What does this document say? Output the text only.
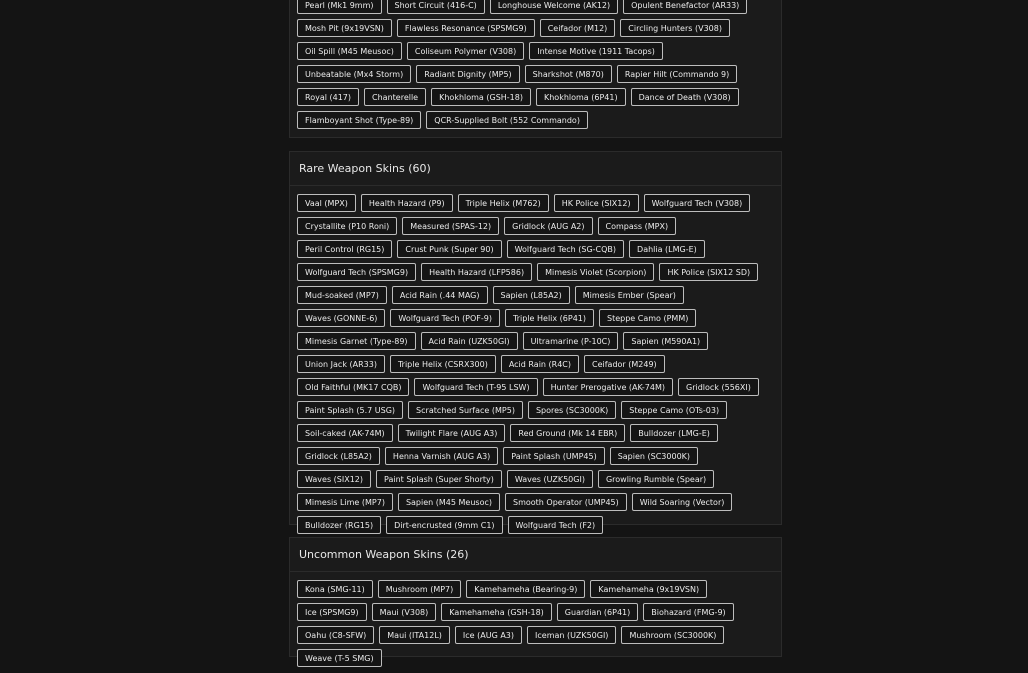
Pearl (Mk1 9mm)	Short Circuit (416-C)	Longhouse Welcome (AK12)	Opulent Benefactor (AR33)
Mosh Pit (9x19VSN)	Flawless Resonance (SPSMG9)	Ceifador (M12)	Circling Hunters (V308)
Oil Spill (M45 Meusoc)	Coliseum Polymer (V308)	Intense Motive (1911 Tacops)
Unbeatable (Mx4 Storm)	Radiant Dignity (MP5)	Sharkshot (M870)	Rapier Hilt (Commando 9)
Royal (417)	Chanterelle	Khokhloma (GSH-18)	Khokhloma (6P41)	Dance of Death (V308)
Flamboyant Shot (Type-89)	QCR-Supplied Bolt (552 Commando)
Rare Weapon Skins (60)
Vaal (MPX)	Health Hazard (P9)	Triple Helix (M762)	HK Police (SIX12)	Wolfguard Tech (V308)
Crystallite (P10 Roni)	Measured (SPAS-12)	Gridlock (AUG A2)	Compass (MPX)
Peril Control (RG15)	Crust Punk (Super 90)	Wolfguard Tech (SG-CQB)	Dahlia (LMG-E)
Wolfguard Tech (SPSMG9)	Health Hazard (LFP586)	Mimesis Violet (Scorpion)	HK Police (SIX12 SD)
Mud-soaked (MP7)	Acid Rain (.44 MAG)	Sapien (L85A2)	Mimesis Ember (Spear)
Waves (GONNE-6)	Wolfguard Tech (POF-9)	Triple Helix (6P41)	Steppe Camo (PMM)
Mimesis Garnet (Type-89)	Acid Rain (UZK50GI)	Ultramarine (P-10C)	Sapien (M590A1)
Union Jack (AR33)	Triple Helix (CSRX300)	Acid Rain (R4C)	Ceifador (M249)
Old Faithful (MK17 CQB)	Wolfguard Tech (T-95 LSW)	Hunter Prerogative (AK-74M)	Gridlock (556XI)
Paint Splash (5.7 USG)	Scratched Surface (MP5)	Spores (SC3000K)	Steppe Camo (OTs-03)
Soil-caked (AK-74M)	Twilight Flare (AUG A3)	Red Ground (Mk 14 EBR)	Bulldozer (LMG-E)
Gridlock (L85A2)	Henna Varnish (AUG A3)	Paint Splash (UMP45)	Sapien (SC3000K)
Waves (SIX12)	Paint Splash (Super Shorty)	Waves (UZK50GI)	Growling Rumble (Spear)
Mimesis Lime (MP7)	Sapien (M45 Meusoc)	Smooth Operator (UMP45)	Wild Soaring (Vector)
Bulldozer (RG15)	Dirt-encrusted (9mm C1)	Wolfguard Tech (F2)
Uncommon Weapon Skins (26)
Kona (SMG-11)	Mushroom (MP7)	Kamehameha (Bearing-9)	Kamehameha (9x19VSN)
Ice (SPSMG9)	Maui (V308)	Kamehameha (GSH-18)	Guardian (6P41)	Biohazard (FMG-9)
Oahu (C8-SFW)	Maui (ITA12L)	Ice (AUG A3)	Iceman (UZK50GI)	Mushroom (SC3000K)
Weave (T-5 SMG)
